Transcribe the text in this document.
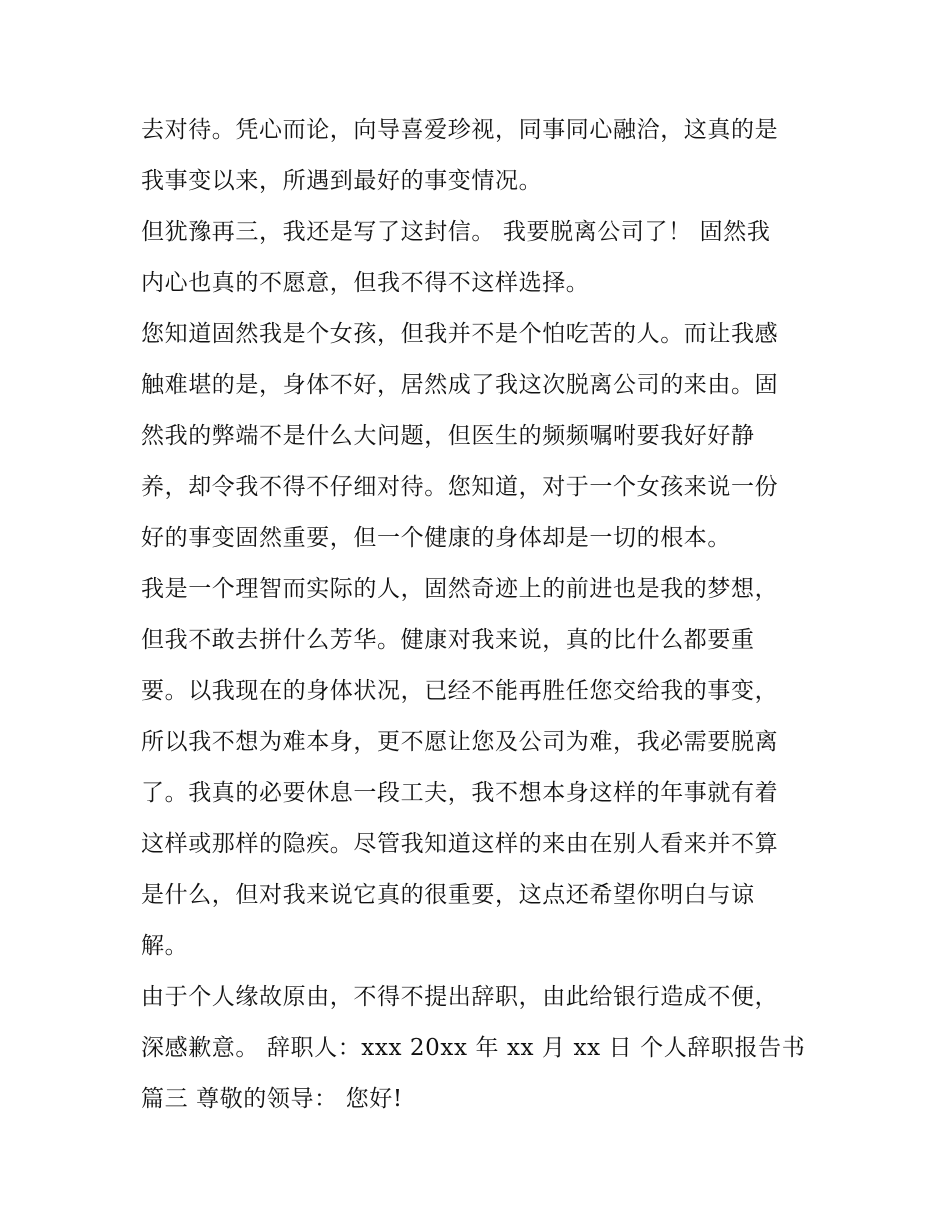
去对待。凭心而论，向导喜爱珍视，同事同心融洽，这真的是
我事变以来，所遇到最好的事变情况。
但犹豫再三，我还是写了这封信。 我要脱离公司了！ 固然我
内心也真的不愿意，但我不得不这样选择。
您知道固然我是个女孩，但我并不是个怕吃苦的人。而让我感
触难堪的是，身体不好，居然成了我这次脱离公司的来由。固
然我的弊端不是什么大问题，但医生的频频嘱咐要我好好静
养，却令我不得不仔细对待。您知道，对于一个女孩来说一份
好的事变固然重要，但一个健康的身体却是一切的根本。
我是一个理智而实际的人，固然奇迹上的前进也是我的梦想，
但我不敢去拼什么芳华。健康对我来说，真的比什么都要重
要。以我现在的身体状况，已经不能再胜任您交给我的事变，
所以我不想为难本身，更不愿让您及公司为难，我必需要脱离
了。我真的必要休息一段工夫，我不想本身这样的年事就有着
这样或那样的隐疾。尽管我知道这样的来由在别人看来并不算
是什么，但对我来说它真的很重要，这点还希望你明白与谅
解。
由于个人缘故原由，不得不提出辞职，由此给银行造成不便，
深感歉意。 辞职人：xxx 20xx 年 xx 月 xx 日 个人辞职报告书
篇三 尊敬的领导： 您好!
